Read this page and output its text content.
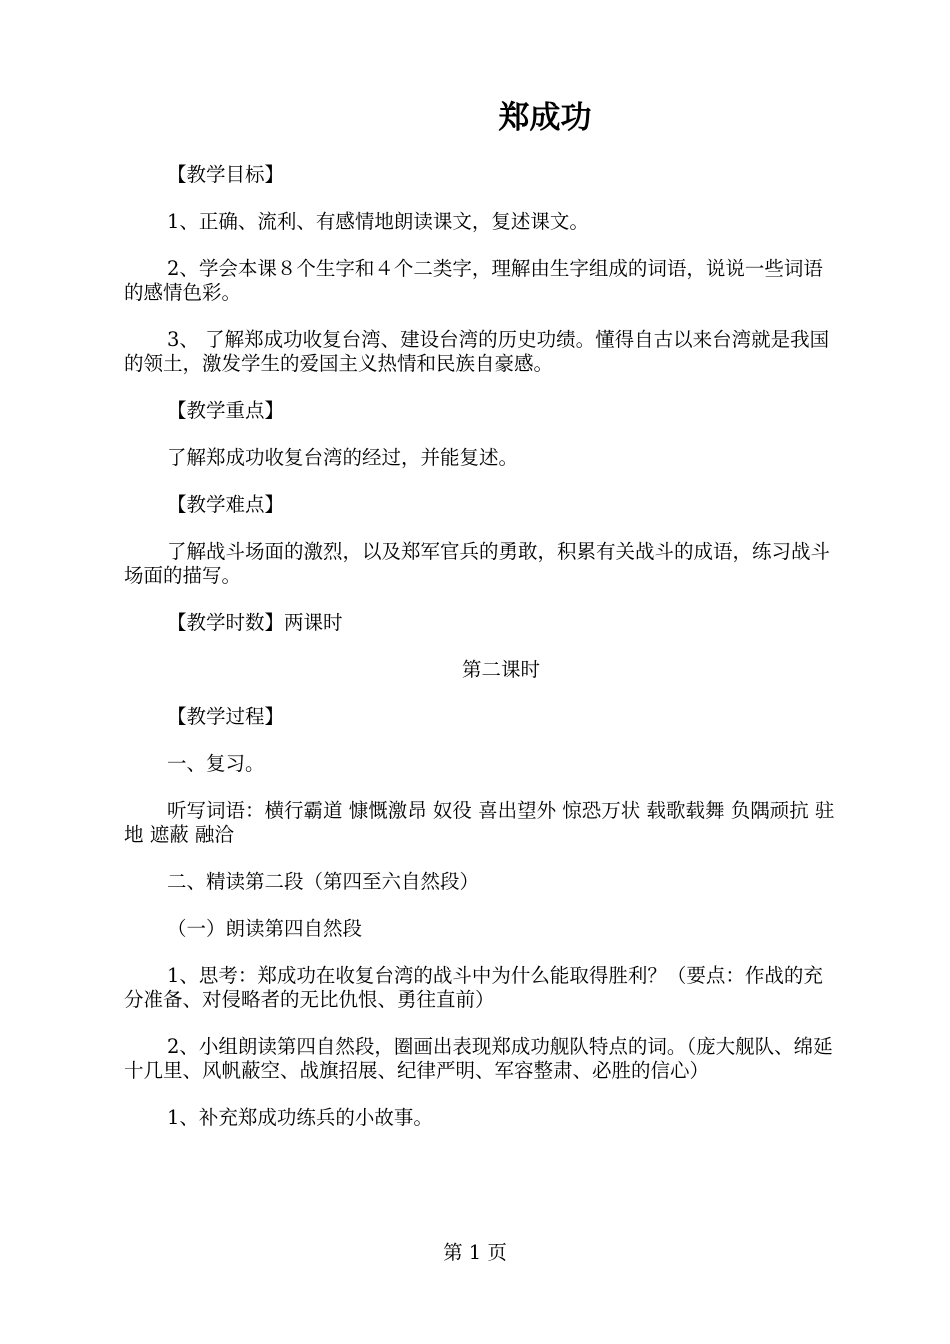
郑成功

【教学目标】

1、正确、流利、有感情地朗读课文，复述课文。

2、学会本课８个生字和４个二类字，理解由生字组成的词语，说说一些词语的感情色彩。

3、 了解郑成功收复台湾、建设台湾的历史功绩。懂得自古以来台湾就是我国的领土，激发学生的爱国主义热情和民族自豪感。

【教学重点】

了解郑成功收复台湾的经过，并能复述。

【教学难点】

了解战斗场面的激烈，以及郑军官兵的勇敢，积累有关战斗的成语，练习战斗场面的描写。

【教学时数】两课时

第二课时

【教学过程】

一、复习。

听写词语：横行霸道 慷慨激昂 奴役 喜出望外 惊恐万状 载歌载舞 负隅顽抗 驻地 遮蔽 融洽

二、精读第二段（第四至六自然段）

（一）朗读第四自然段

1、思考：郑成功在收复台湾的战斗中为什么能取得胜利？（要点：作战的充分准备、对侵略者的无比仇恨、勇往直前）

2、小组朗读第四自然段，圈画出表现郑成功舰队特点的词。（庞大舰队、绵延十几里、风帆蔽空、战旗招展、纪律严明、军容整肃、必胜的信心）

1、补充郑成功练兵的小故事。

第 1 页
